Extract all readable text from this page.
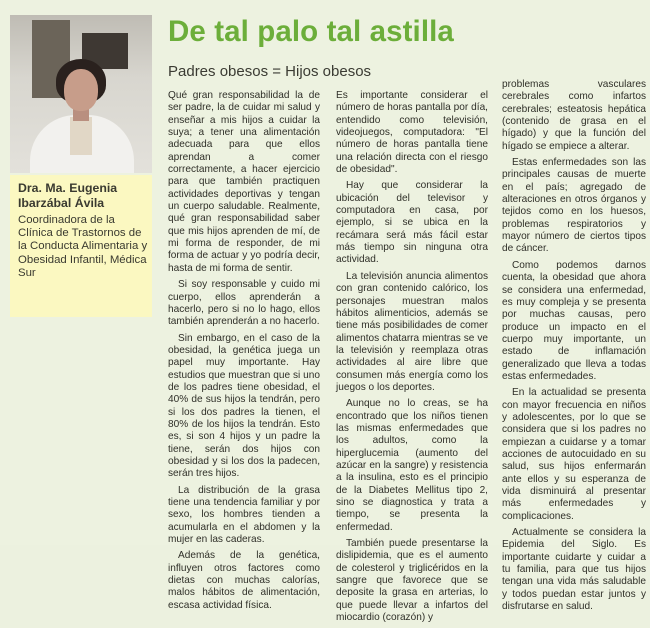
Dra. Ma. Eugenia Ibarzábal Ávila

Coordinadora de la Clínica de Trastornos de la Conducta Alimentaria y Obesidad Infantil, Médica Sur

De tal palo tal astilla
Padres obesos = Hijos obesos

Qué gran responsabilidad la de ser padre, la de cuidar mi salud y enseñar a mis hijos a cuidar la suya; a tener una alimentación adecuada para que ellos aprendan a comer correctamente, a hacer ejercicio para que también practiquen actividades deportivas y tengan un cuerpo saludable. Realmente, qué gran responsabilidad saber que mis hijos aprenden de mí, de mi forma de responder, de mi forma de actuar y yo podría decir, hasta de mi forma de sentir.

Si soy responsable y cuido mi cuerpo, ellos aprenderán a hacerlo, pero si no lo hago, ellos también aprenderán a no hacerlo.

Sin embargo, en el caso de la obesidad, la genética juega un papel muy importante. Hay estudios que muestran que si uno de los padres tiene obesidad, el 40% de sus hijos la tendrán, pero si los dos padres la tienen, el 80% de los hijos la tendrán. Esto es, si son 4 hijos y un padre la tiene, serán dos hijos con obesidad y si los dos la padecen, serán tres hijos.

La distribución de la grasa tiene una tendencia familiar y por sexo, los hombres tienden a acumularla en el abdomen y la mujer en las caderas.

Además de la genética, influyen otros factores como dietas con muchas calorías, malos hábitos de alimentación, escasa actividad física.

Es importante considerar el número de horas pantalla por día, entendido como televisión, videojuegos, computadora: "El número de horas pantalla tiene una relación directa con el riesgo de obesidad".

Hay que considerar la ubicación del televisor y computadora en casa, por ejemplo, si se ubica en la recámara será más fácil estar más tiempo sin ninguna otra actividad.

La televisión anuncia alimentos con gran contenido calórico, los personajes muestran malos hábitos alimenticios, además se tiene más posibilidades de comer alimentos chatarra mientras se ve la televisión y reemplaza otras actividades al aire libre que consumen más energía como los juegos o los deportes.

Aunque no lo creas, se ha encontrado que los niños tienen las mismas enfermedades que los adultos, como la hiperglucemia (aumento del azúcar en la sangre) y resistencia a la insulina, esto es el principio de la Diabetes Mellitus tipo 2, sino se diagnostica y trata a tiempo, se presenta la enfermedad.

También puede presentarse la dislipidemia, que es el aumento de colesterol y triglicéridos en la sangre que favorece que se deposite la grasa en arterias, lo que puede llevar a infartos del miocardio (corazón) y

problemas vasculares cerebrales como infartos cerebrales; esteatosis hepática (contenido de grasa en el hígado) y que la función del hígado se empiece a alterar.

Estas enfermedades son las principales causas de muerte en el país; agregado de alteraciones en otros órganos y tejidos como en los huesos, problemas respiratorios y mayor número de ciertos tipos de cáncer.

Como podemos darnos cuenta, la obesidad que ahora se considera una enfermedad, es muy compleja y se presenta por muchas causas, pero produce un impacto en el cuerpo muy importante, un estado de inflamación generalizado que lleva a todas estas enfermedades.

En la actualidad se presenta con mayor frecuencia en niños y adolescentes, por lo que se considera que si los padres no empiezan a cuidarse y a tomar acciones de autocuidado en su salud, sus hijos enfermarán ante ellos y su esperanza de vida disminuirá al presentar más enfermedades y complicaciones.

Actualmente se considera la Epidemia del Siglo. Es importante cuidarte y cuidar a tu familia, para que tus hijos tengan una vida más saludable y todos puedan estar juntos y disfrutarse en salud.
